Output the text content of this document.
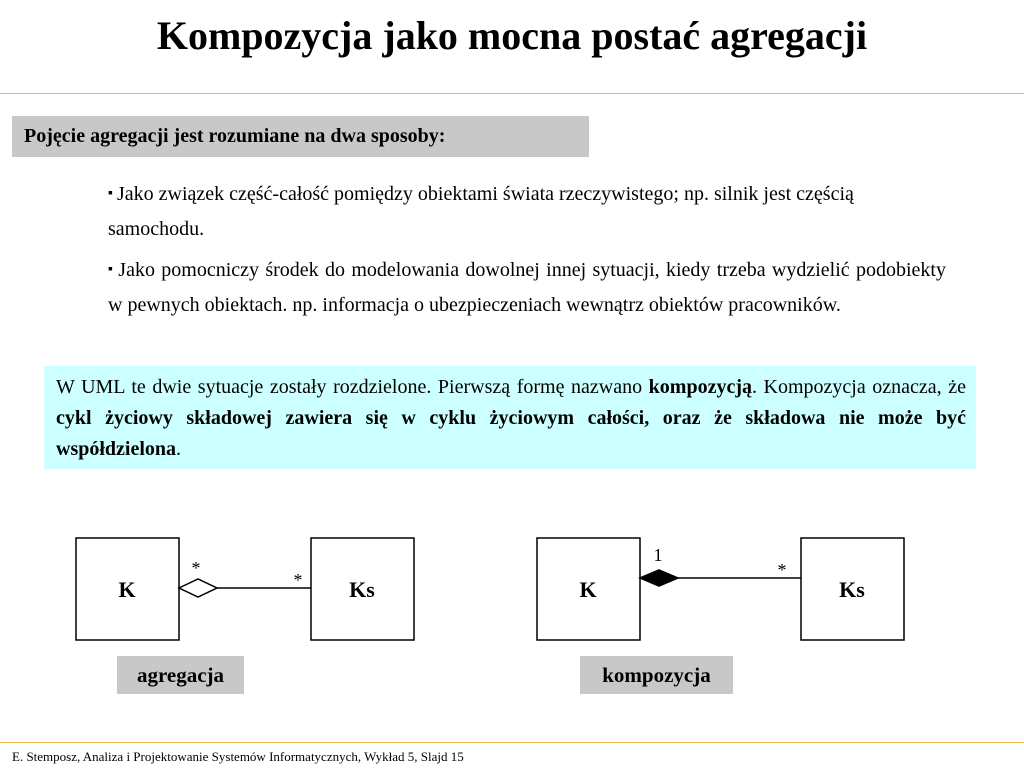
Kompozycja jako mocna postać agregacji
Pojęcie agregacji jest rozumiane na dwa sposoby:
▪ Jako związek część-całość pomiędzy obiektami świata rzeczywistego; np. silnik jest częścią samochodu.
▪ Jako pomocniczy środek do modelowania dowolnej innej sytuacji, kiedy trzeba wydzielić podobiekty w pewnych obiektach. np. informacja o ubezpieczeniach wewnątrz obiektów pracowników.
W UML te dwie sytuacje zostały rozdzielone. Pierwszą formę nazwano kompozycją. Kompozycja oznacza, że cykl życiowy składowej zawiera się w cyklu życiowym całości, oraz że składowa nie może być współdzielona.
K	Ks
*
*	K	Ks
1
*
agregacja	kompozycja
E. Stemposz, Analiza i Projektowanie Systemów Informatycznych, Wykład 5, Slajd 15
